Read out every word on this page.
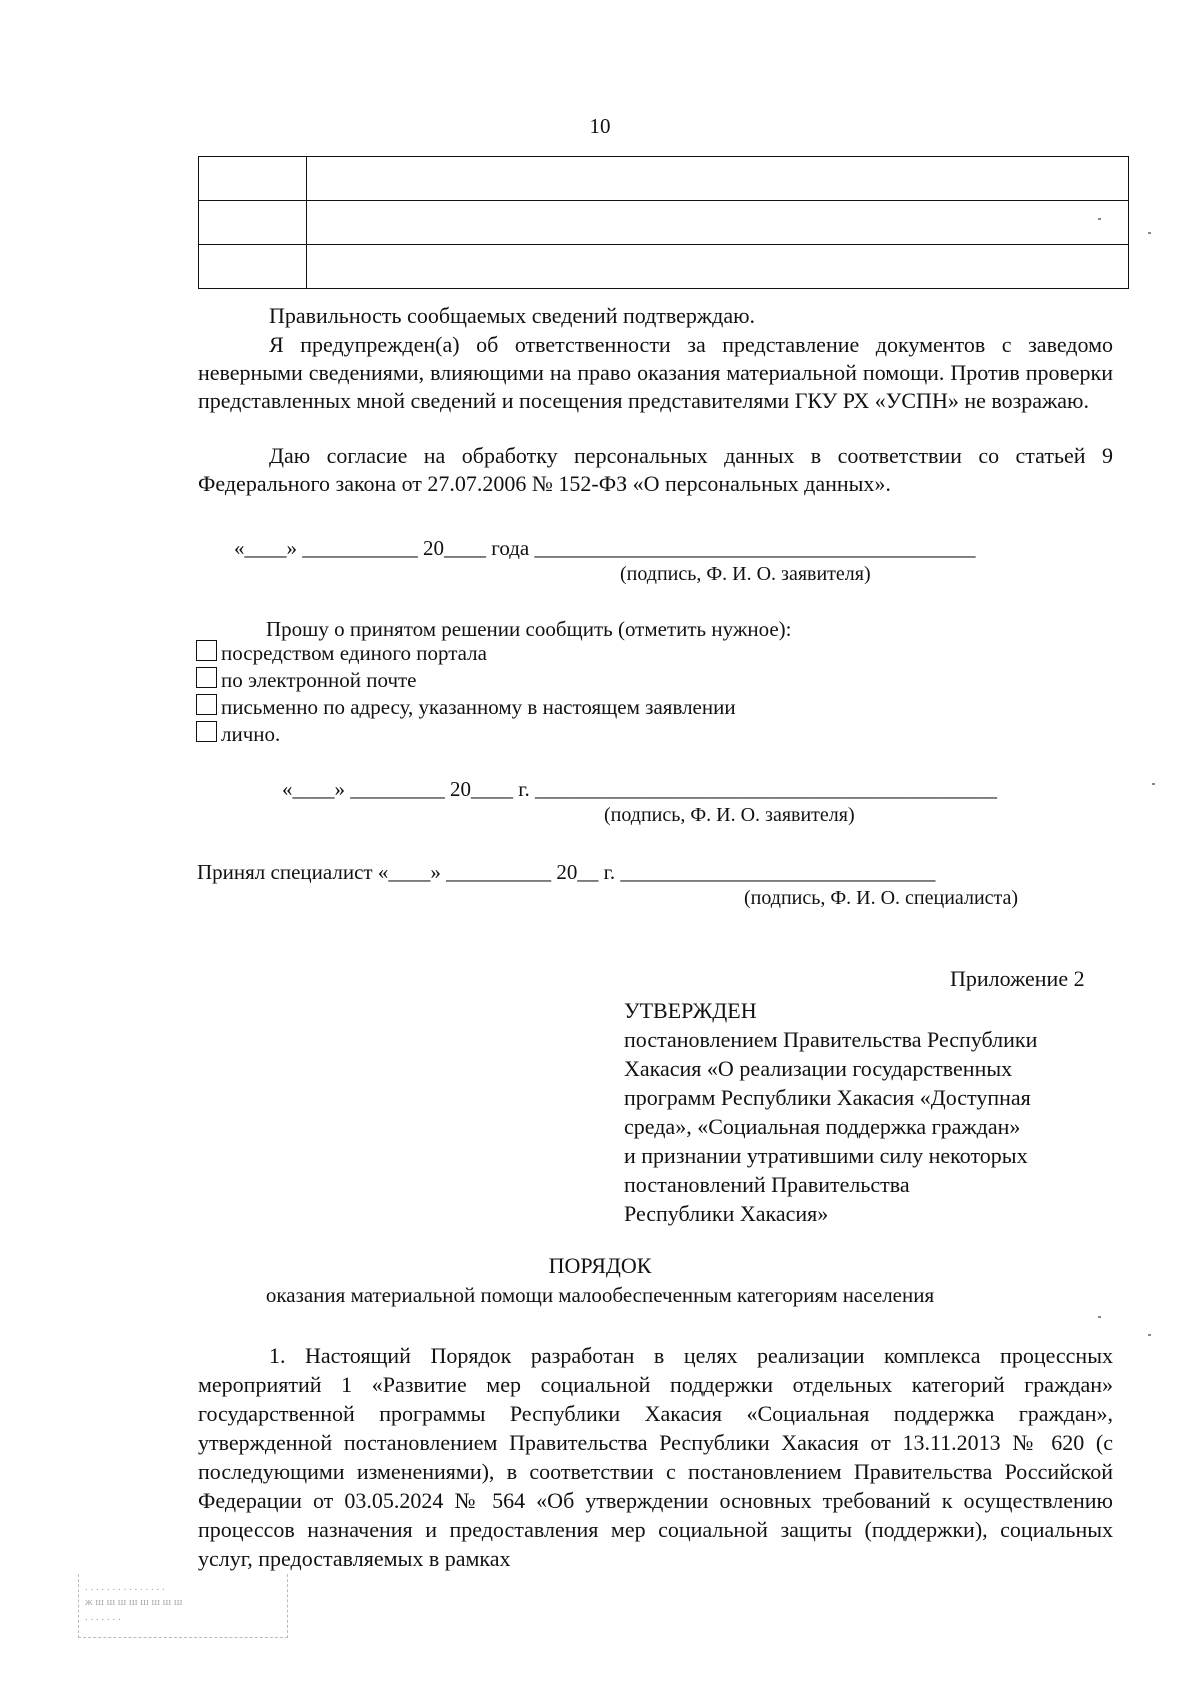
10

Правильность сообщаемых сведений подтверждаю.
Я предупрежден(а) об ответственности за представление документов с заведомо неверными сведениями, влияющими на право оказания материальной помощи. Против проверки представленных мной сведений и посещения представителями ГКУ РХ «УСПН» не возражаю.
Даю согласие на обработку персональных данных в соответствии со статьей 9 Федерального закона от 27.07.2006 № 152-ФЗ «О персональных данных».
«____» ___________ 20____ года __________________________________________
(подпись, Ф. И. О. заявителя)
Прошу о принятом решении сообщить (отметить нужное):
посредством единого портала
по электронной почте
письменно по адресу, указанному в настоящем заявлении
лично.
«____» _________ 20____ г. ____________________________________________
(подпись, Ф. И. О. заявителя)
Принял специалист «____» __________ 20__ г. ______________________________
(подпись, Ф. И. О. специалиста)
Приложение 2
УТВЕРЖДЕН
постановлением Правительства Республики
Хакасия «О реализации государственных
программ Республики Хакасия «Доступная
среда», «Социальная поддержка граждан»
и признании утратившими силу некоторых
постановлений Правительства
Республики Хакасия»
ПОРЯДОК
оказания материальной помощи малообеспеченным категориям населения
1. Настоящий Порядок разработан в целях реализации комплекса процессных мероприятий 1 «Развитие мер социальной поддержки отдельных категорий граждан» государственной программы Республики Хакасия «Социальная поддержка граждан», утвержденной постановлением Правительства Республики Хакасия от 13.11.2013 № 620 (с последующими изменениями), в соответствии с постановлением Правительства Российской Федерации от 03.05.2024 № 564 «Об утверждении основных требований к осуществлению процессов назначения и предоставления мер социальной защиты (поддержки), социальных услуг, предоставляемых в рамках
. . . . . . . . . . . . . . .
ж ш ш ш ш ш ш ш ш
. . . . . . .
